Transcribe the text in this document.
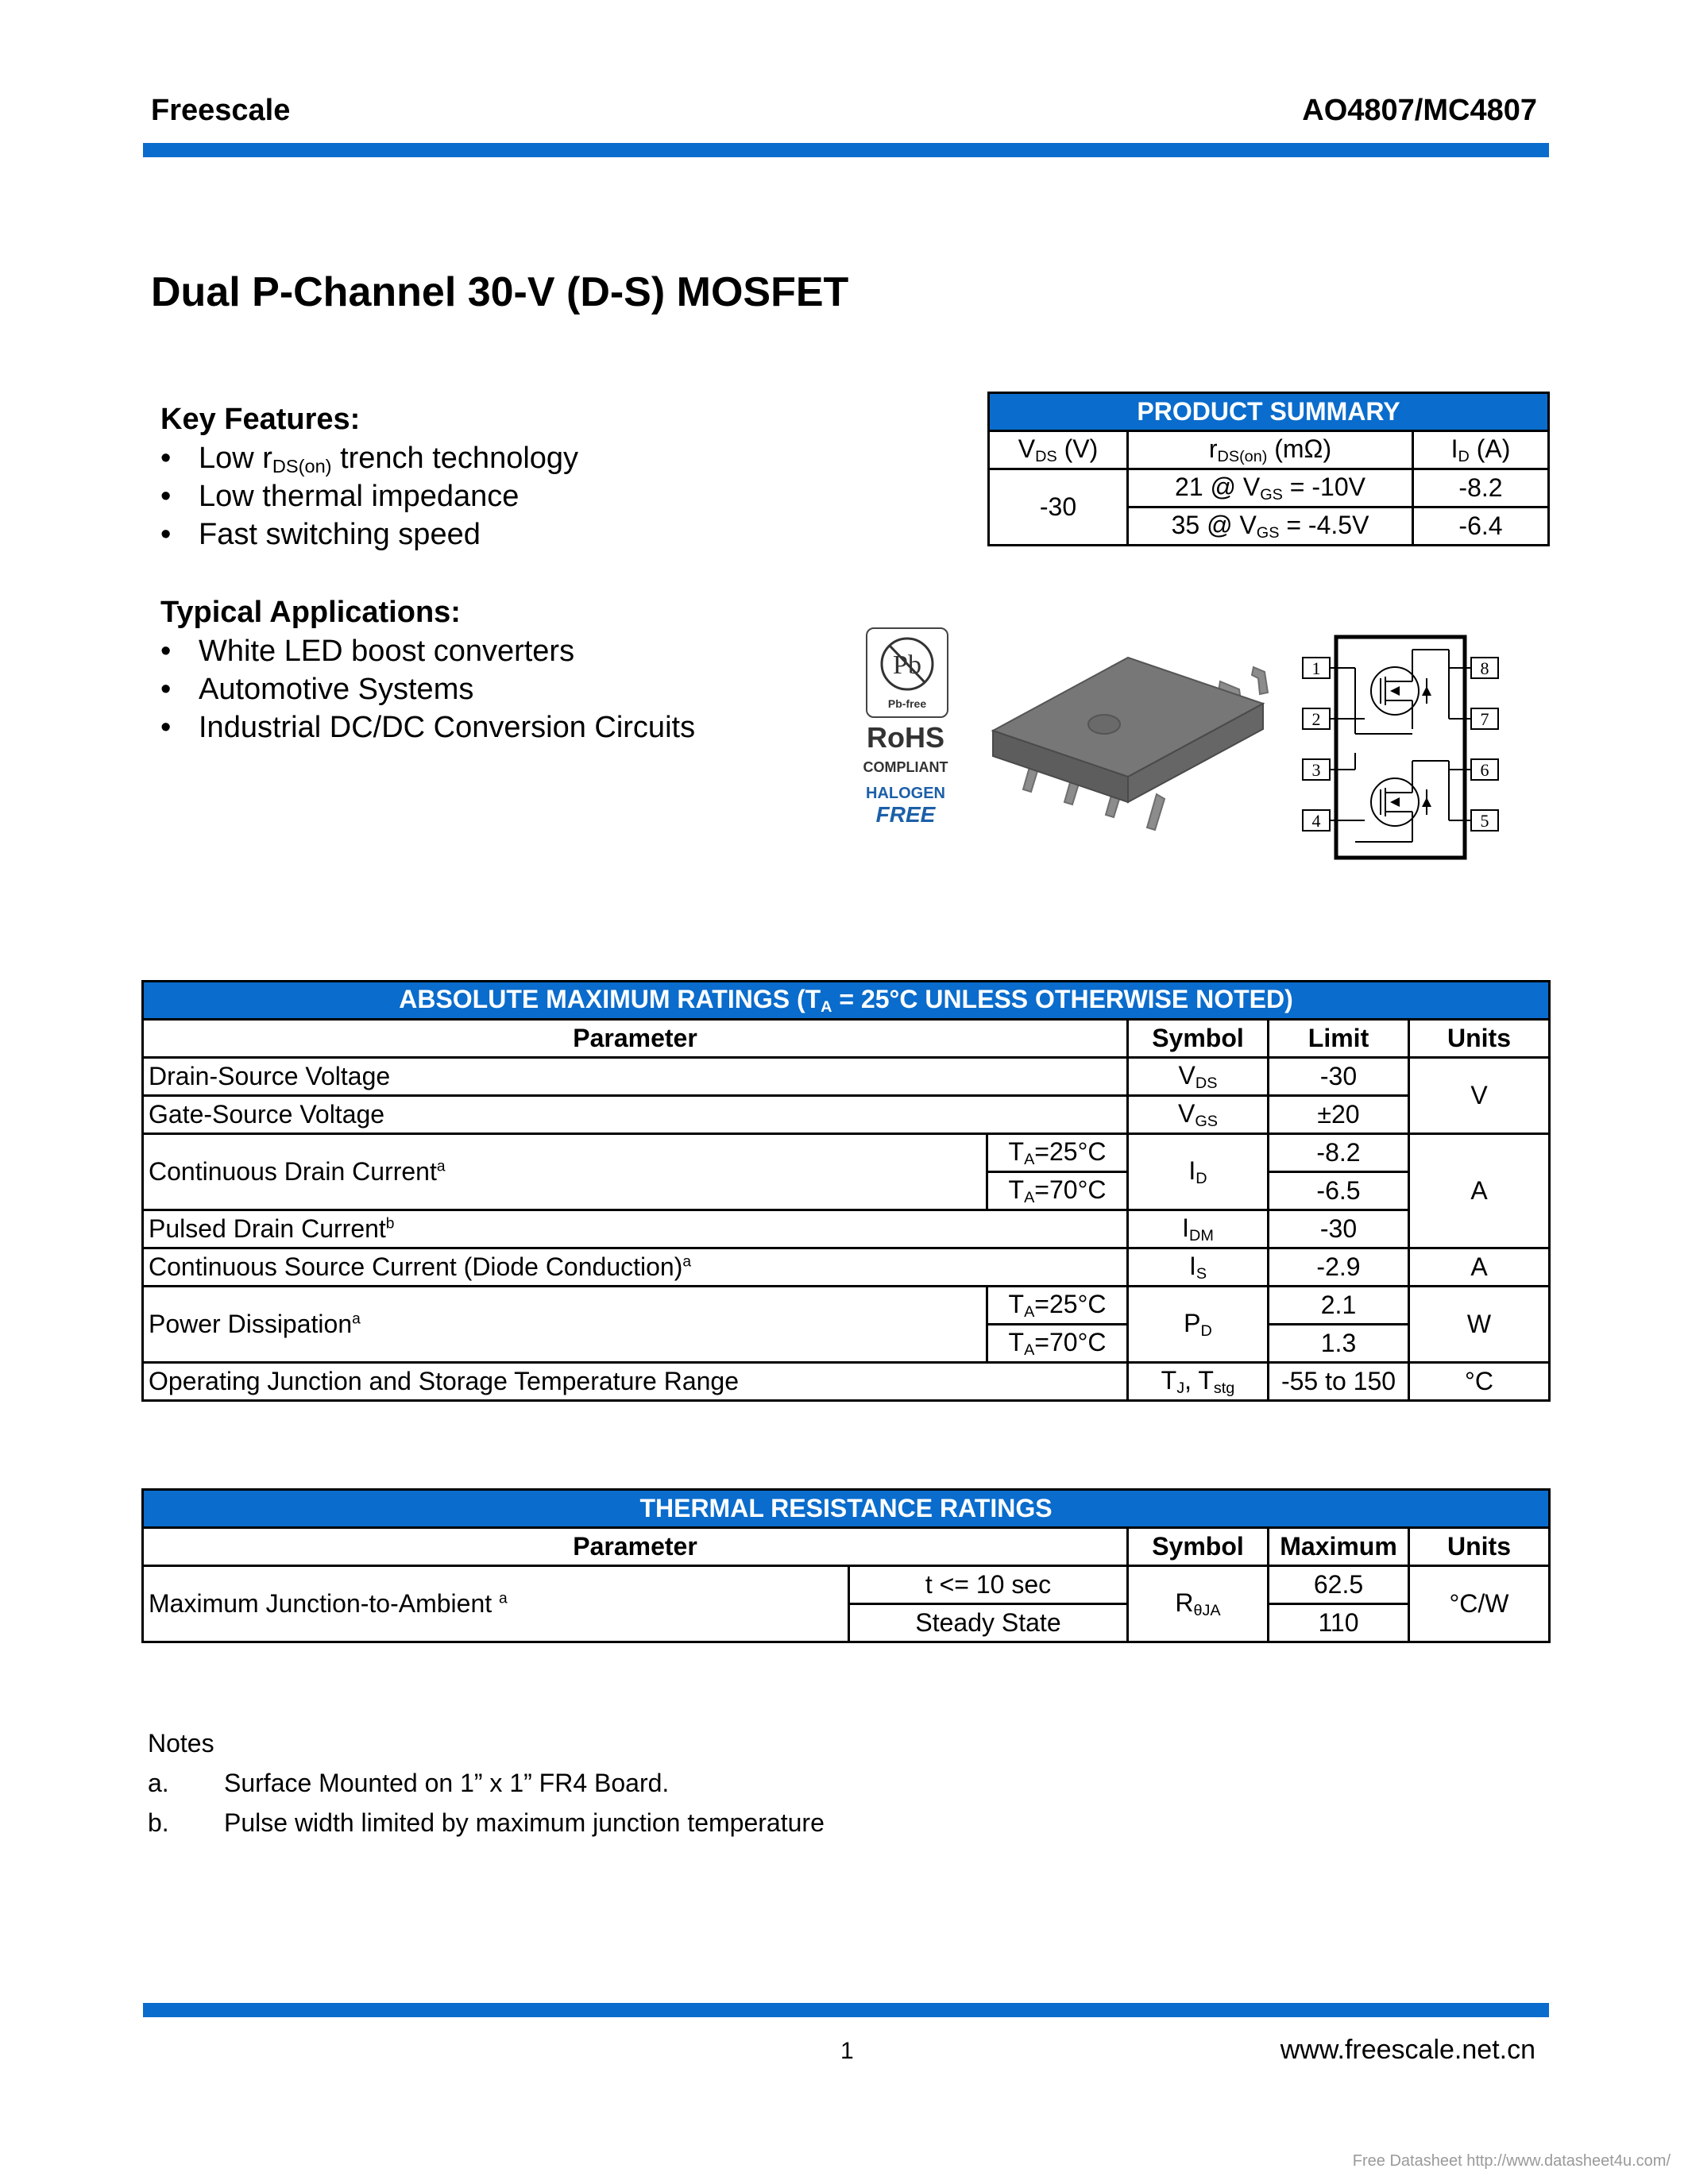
Freescale	AO4807/MC4807
Dual P-Channel 30-V (D-S) MOSFET
Key Features:
• Low $r_{DS(on)}$ trench technology
• Low thermal impedance
• Fast switching speed
Typical Applications:
• White LED boost converters
• Automotive Systems
• Industrial DC/DC Conversion Circuits
PRODUCT SUMMARY		
$V_{DS}$ (V)	$r_{DS(on)}$ (mΩ)	$I_D$ (A)
-30	21 @ $V_{GS} = -10V$	-8.2
	35 @ $V_{GS} = -4.5V$	-6.4
Pb
Pb-free
RoHS
COMPLIANT
HALOGEN
FREE
1
2
3
4
8
7
6
5
ABSOLUTE MAXIMUM RATINGS ($T_A = 25^\circ C$ UNLESS OTHERWISE NOTED)				
Parameter		Symbol	Limit	Units
Drain-Source Voltage		$V_{DS}$	-30	V
Gate-Source Voltage		$V_{GS}$	±20	
Continuous Drain Current$^a$	$T_A=25^\circ C$	$I_D$	-8.2	A
	$T_A=70^\circ C$		-6.5	
Pulsed Drain Current$^b$		$I_{DM}$	-30	
Continuous Source Current (Diode Conduction)$^a$		$I_S$	-2.9	A
Power Dissipation$^a$	$T_A=25^\circ C$	$P_D$	2.1	W
	$T_A=70^\circ C$		1.3	
Operating Junction and Storage Temperature Range		$T_J$, $T_{stg}$	-55 to 150	°C
THERMAL RESISTANCE RATINGS				
Parameter		Symbol	Maximum	Units
Maximum Junction-to-Ambient $^a$	t <= 10 sec	$R_{\theta JA}$	62.5	°C/W
	Steady State		110	
Notes
a. Surface Mounted on 1” x 1” FR4 Board.
b. Pulse width limited by maximum junction temperature
1	www.freescale.net.cn
Free Datasheet http://www.datasheet4u.com/
